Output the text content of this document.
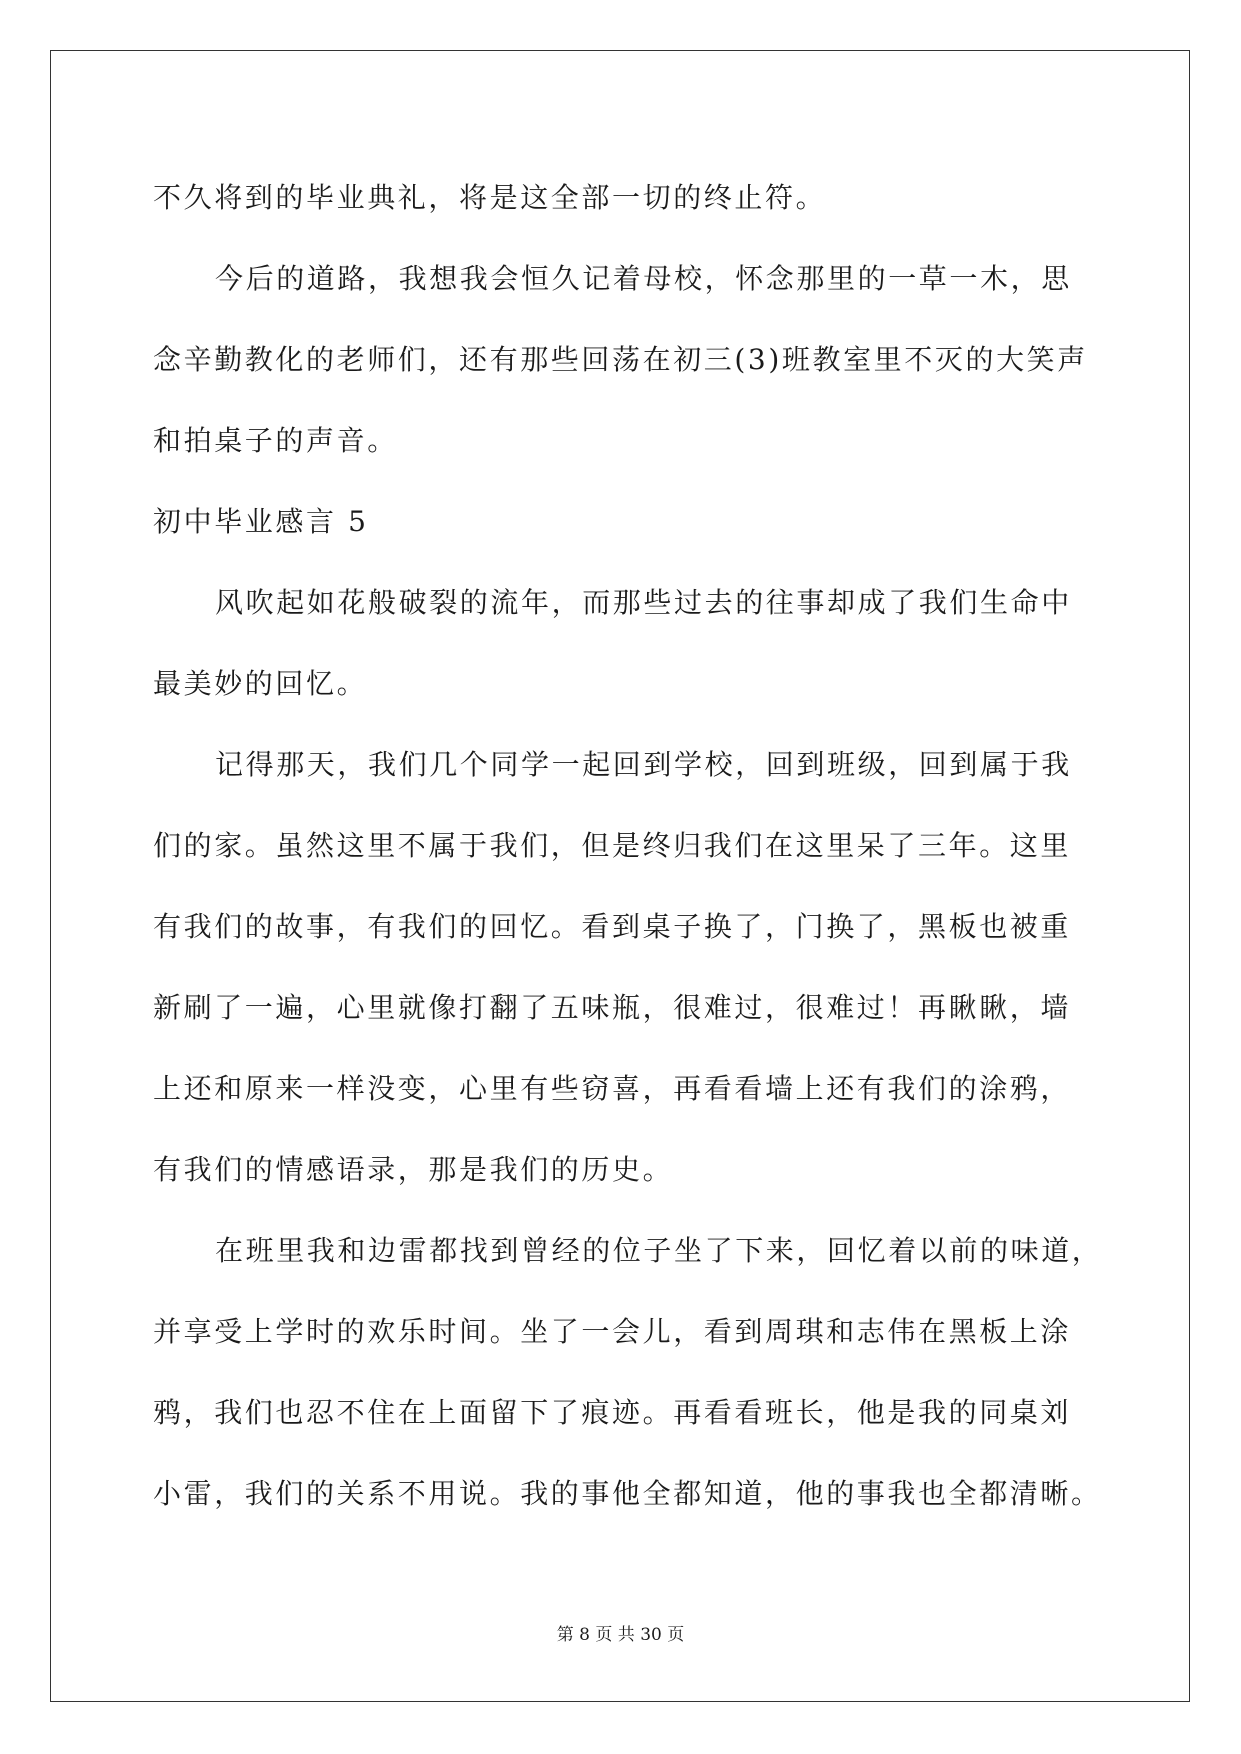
不久将到的毕业典礼，将是这全部一切的终止符。

今后的道路，我想我会恒久记着母校，怀念那里的一草一木，思

念辛勤教化的老师们，还有那些回荡在初三(3)班教室里不灭的大笑声

和拍桌子的声音。

初中毕业感言 5

风吹起如花般破裂的流年，而那些过去的往事却成了我们生命中

最美妙的回忆。

记得那天，我们几个同学一起回到学校，回到班级，回到属于我

们的家。虽然这里不属于我们，但是终归我们在这里呆了三年。这里

有我们的故事，有我们的回忆。看到桌子换了，门换了，黑板也被重

新刷了一遍，心里就像打翻了五味瓶，很难过，很难过！再瞅瞅，墙

上还和原来一样没变，心里有些窃喜，再看看墙上还有我们的涂鸦，

有我们的情感语录，那是我们的历史。

在班里我和边雷都找到曾经的位子坐了下来，回忆着以前的味道，

并享受上学时的欢乐时间。坐了一会儿，看到周琪和志伟在黑板上涂

鸦，我们也忍不住在上面留下了痕迹。再看看班长，他是我的同桌刘

小雷，我们的关系不用说。我的事他全都知道，他的事我也全都清晰。

第 8 页 共 30 页
